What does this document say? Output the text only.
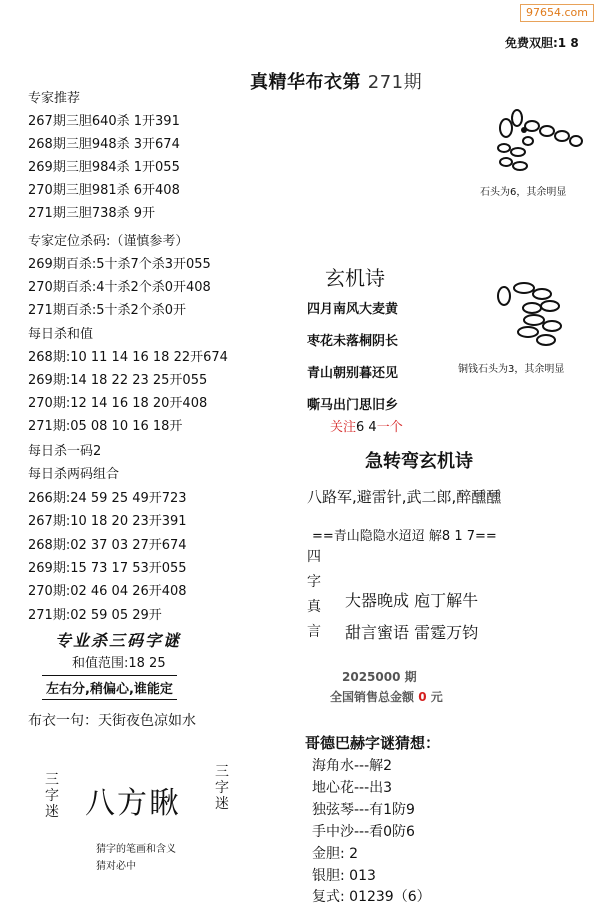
97654.com
免费双胆:1 8
真精华布衣第 271期
专家推荐
267期三胆640杀 1开391
268期三胆948杀 3开674
269期三胆984杀 1开055
270期三胆981杀 6开408
271期三胆738杀 9开
专家定位杀码:（谨慎参考）
269期百杀:5十杀7个杀3开055
270期百杀:4十杀2个杀0开408
271期百杀:5十杀2个杀0开
每日杀和值
268期:10 11 14 16 18 22开674
269期:14 18 22 23 25开055
270期:12 14 16 18 20开408
271期:05 08 10 16 18开
每日杀一码2
每日杀两码组合
266期:24 59 25 49开723
267期:10 18 20 23开391
268期:02 37 03 27开674
269期:15 73 17 53开055
270期:02 46 04 26开408
271期:02 59 05 29开
专业杀三码字谜
和值范围:18 25
左右分,稍偏心,谁能定
布衣一句：天街夜色凉如水
三字迷 八方瞅
三字迷
猜字的笔画和含义
猜对必中
石头为6，其余明显
铜钱石头为3，其余明显
玄机诗
四月南风大麦黄
枣花未落桐阴长
青山朝别暮还见
嘶马出门思旧乡
关注6 4一个
急转弯玄机诗
八路军,避雷针,武二郎,醉醺醺
==青山隐隐水迢迢 解8 1 7==
四
字
真
言
大器晚成 庖丁解牛
甜言蜜语 雷霆万钧
2025000 期
全国销售总金额 0 元
哥德巴赫字谜猜想：
海角水---解2
地心花---出3
独弦琴---有1防9
手中沙---看0防6
金胆: 2
银胆: 013
复式: 01239（6）
